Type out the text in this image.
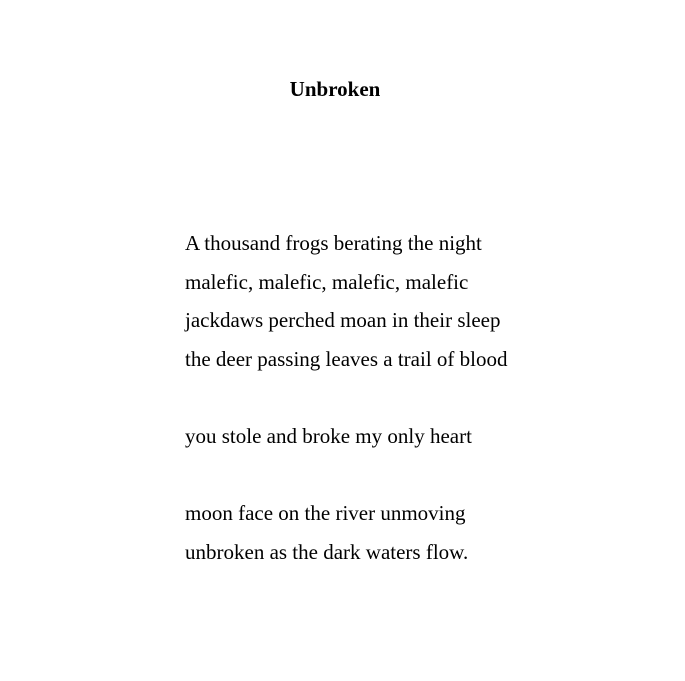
Unbroken
A thousand frogs berating the night
malefic, malefic, malefic, malefic
jackdaws perched moan in their sleep
the deer passing leaves a trail of blood
you stole and broke my only heart
moon face on the river unmoving
unbroken as the dark waters flow.
